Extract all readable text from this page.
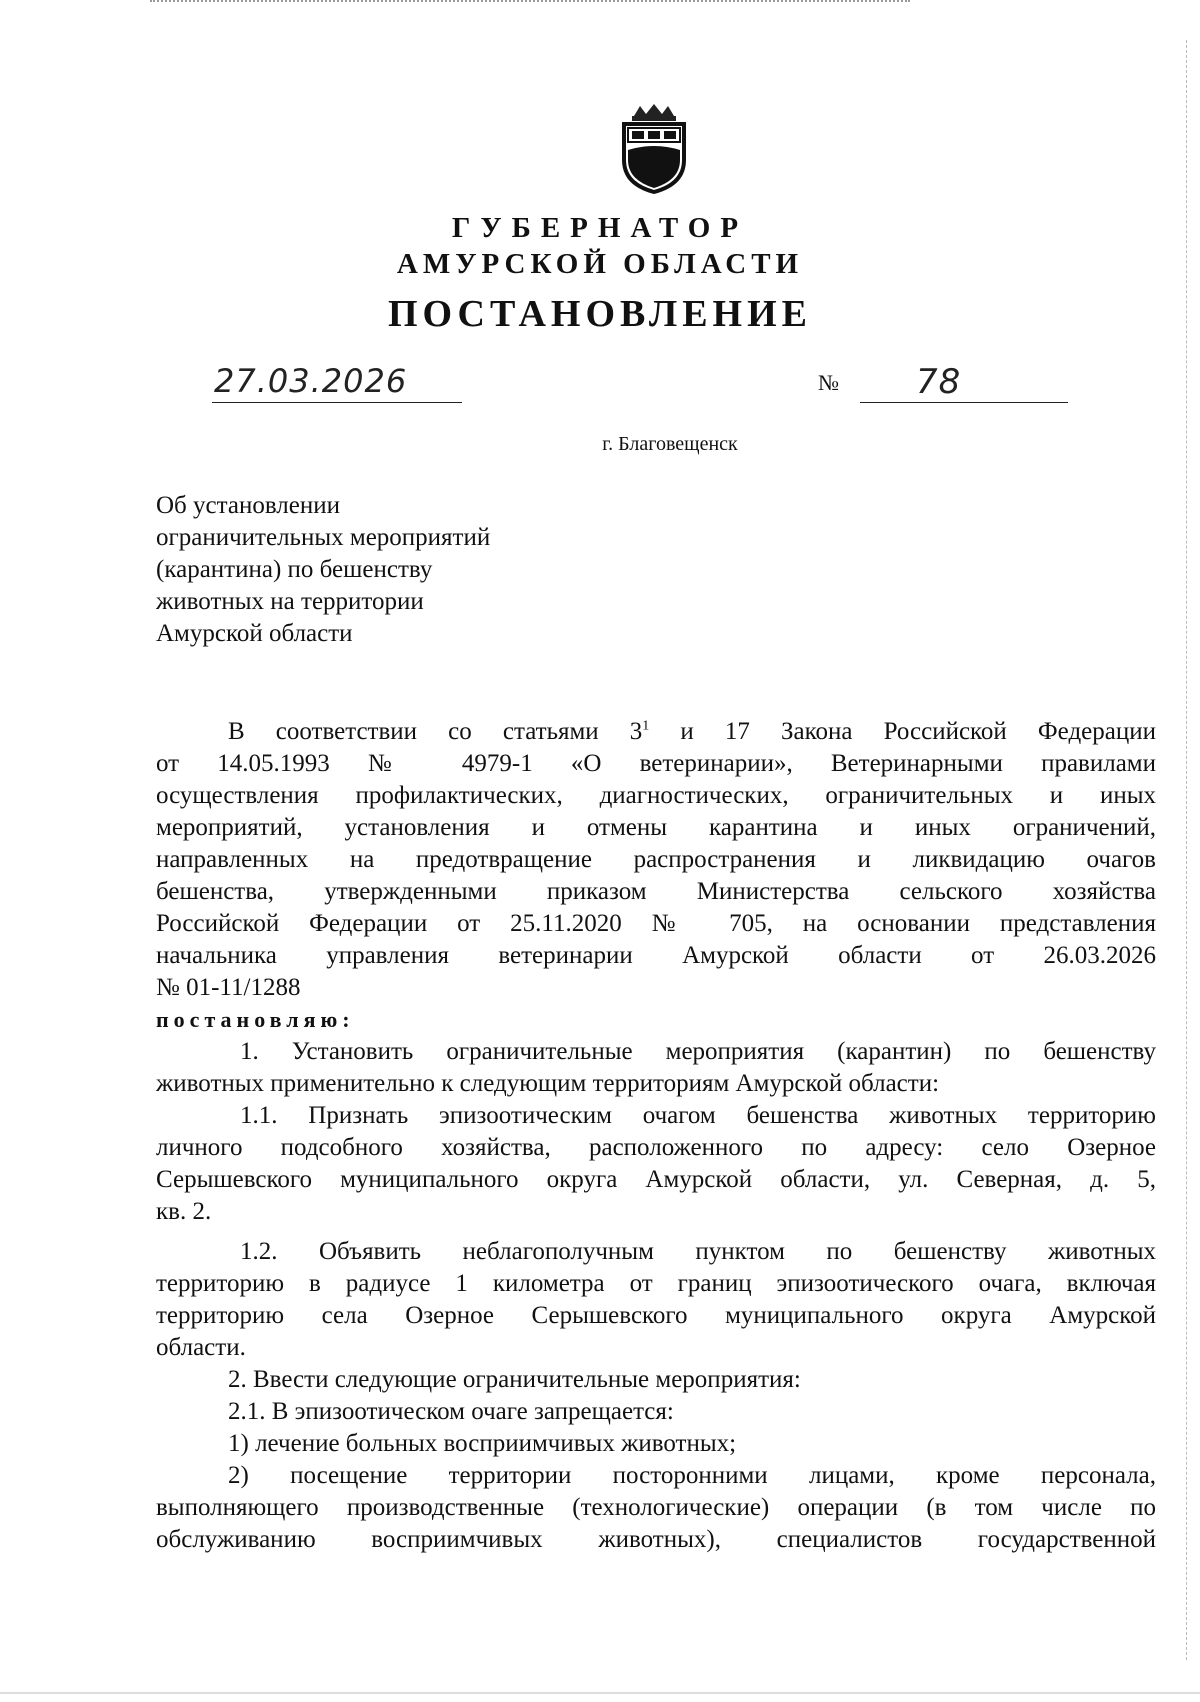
ГУБЕРНАТОР
АМУРСКОЙ ОБЛАСТИ
ПОСТАНОВЛЕНИЕ
27.03.2026	№ 78
г. Благовещенск
Об установлении
ограничительных мероприятий
(карантина) по бешенству
животных на территории
Амурской области
В соответствии со статьями $3^1$ и 17 Закона Российской Федерации
от 14.05.1993 № 4979-1 «О ветеринарии», Ветеринарными правилами
осуществления профилактических, диагностических, ограничительных и иных
мероприятий, установления и отмены карантина и иных ограничений,
направленных на предотвращение распространения и ликвидацию очагов
бешенства, утвержденными приказом Министерства сельского хозяйства
Российской Федерации от 25.11.2020 № 705, на основании представления
начальника управления ветеринарии Амурской области от 26.03.2026
№ 01-11/1288
постановляю:
1. Установить ограничительные мероприятия (карантин) по бешенству
животных применительно к следующим территориям Амурской области:
1.1. Признать эпизоотическим очагом бешенства животных территорию
личного подсобного хозяйства, расположенного по адресу: село Озерное
Серышевского муниципального округа Амурской области, ул. Северная, д. 5,
кв. 2.
1.2. Объявить неблагополучным пунктом по бешенству животных
территорию в радиусе 1 километра от границ эпизоотического очага, включая
территорию села Озерное Серышевского муниципального округа Амурской
области.
2. Ввести следующие ограничительные мероприятия:
2.1. В эпизоотическом очаге запрещается:
1) лечение больных восприимчивых животных;
2) посещение территории посторонними лицами, кроме персонала,
выполняющего производственные (технологические) операции (в том числе по
обслуживанию восприимчивых животных), специалистов государственной
